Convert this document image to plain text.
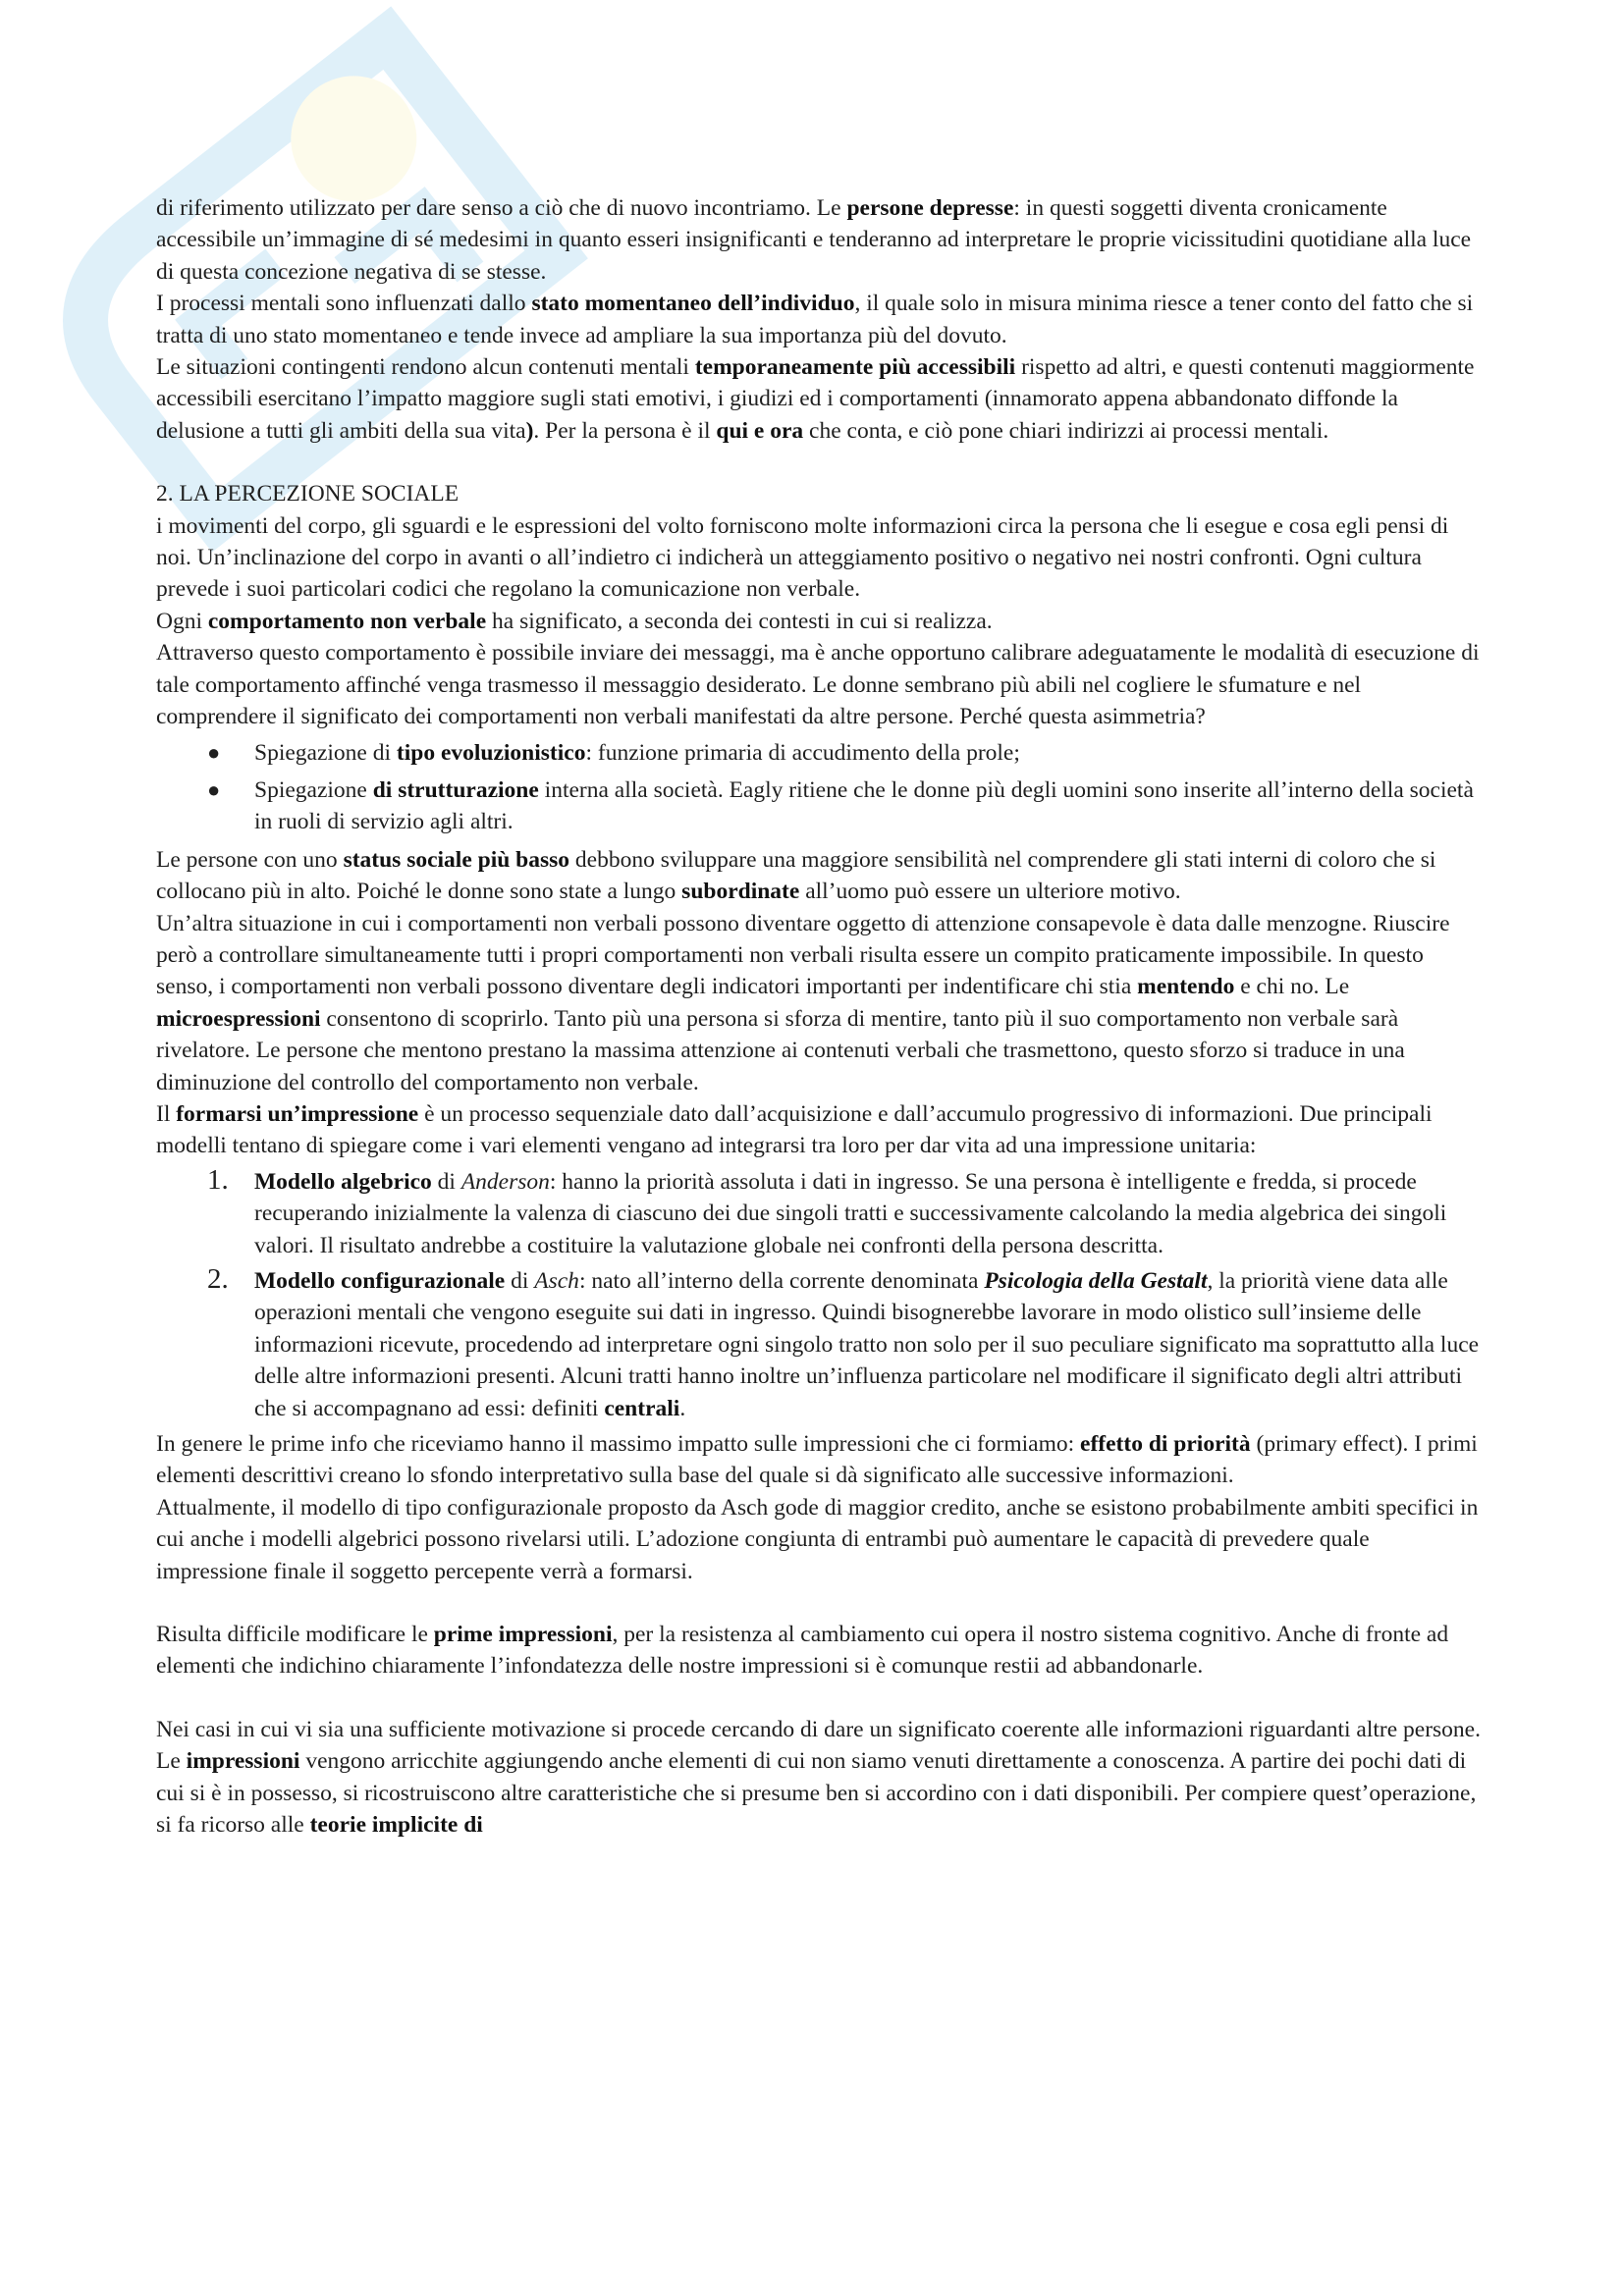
di riferimento utilizzato per dare senso a ciò che di nuovo incontriamo. Le persone depresse: in questi soggetti diventa cronicamente accessibile un’immagine di sé medesimi in quanto esseri insignificanti e tenderanno ad interpretare le proprie vicissitudini quotidiane alla luce di questa concezione negativa di se stesse.

I processi mentali sono influenzati dallo stato momentaneo dell’individuo, il quale solo in misura minima riesce a tener conto del fatto che si tratta di uno stato momentaneo e tende invece ad ampliare la sua importanza più del dovuto.

Le situazioni contingenti rendono alcun contenuti mentali temporaneamente più accessibili rispetto ad altri, e questi contenuti maggiormente accessibili esercitano l’impatto maggiore sugli stati emotivi, i giudizi ed i comportamenti (innamorato appena abbandonato diffonde la delusione a tutti gli ambiti della sua vita). Per la persona è il qui e ora che conta, e ciò pone chiari indirizzi ai processi mentali.

2. LA PERCEZIONE SOCIALE

i movimenti del corpo, gli sguardi e le espressioni del volto forniscono molte informazioni circa la persona che li esegue e cosa egli pensi di noi. Un’inclinazione del corpo in avanti o all’indietro ci indicherà un atteggiamento positivo o negativo nei nostri confronti. Ogni cultura prevede i suoi particolari codici che regolano la comunicazione non verbale.

Ogni comportamento non verbale ha significato, a seconda dei contesti in cui si realizza.

Attraverso questo comportamento è possibile inviare dei messaggi, ma è anche opportuno calibrare adeguatamente le modalità di esecuzione di tale comportamento affinché venga trasmesso il messaggio desiderato. Le donne sembrano più abili nel cogliere le sfumature e nel comprendere il significato dei comportamenti non verbali manifestati da altre persone. Perché questa asimmetria?

● Spiegazione di tipo evoluzionistico: funzione primaria di accudimento della prole;
● Spiegazione di strutturazione interna alla società. Eagly ritiene che le donne più degli uomini sono inserite all’interno della società in ruoli di servizio agli altri.

Le persone con uno status sociale più basso debbono sviluppare una maggiore sensibilità nel comprendere gli stati interni di coloro che si collocano più in alto. Poiché le donne sono state a lungo subordinate all’uomo può essere un ulteriore motivo.

Un’altra situazione in cui i comportamenti non verbali possono diventare oggetto di attenzione consapevole è data dalle menzogne. Riuscire però a controllare simultaneamente tutti i propri comportamenti non verbali risulta essere un compito praticamente impossibile. In questo senso, i comportamenti non verbali possono diventare degli indicatori importanti per indentificare chi stia mentendo e chi no. Le microespressioni consentono di scoprirlo. Tanto più una persona si sforza di mentire, tanto più il suo comportamento non verbale sarà rivelatore. Le persone che mentono prestano la massima attenzione ai contenuti verbali che trasmettono, questo sforzo si traduce in una diminuzione del controllo del comportamento non verbale.

Il formarsi un’impressione è un processo sequenziale dato dall’acquisizione e dall’accumulo progressivo di informazioni. Due principali modelli tentano di spiegare come i vari elementi vengano ad integrarsi tra loro per dar vita ad una impressione unitaria:

1. Modello algebrico di Anderson: hanno la priorità assoluta i dati in ingresso. Se una persona è intelligente e fredda, si procede recuperando inizialmente la valenza di ciascuno dei due singoli tratti e successivamente calcolando la media algebrica dei singoli valori. Il risultato andrebbe a costituire la valutazione globale nei confronti della persona descritta.
2. Modello configurazionale di Asch: nato all’interno della corrente denominata Psicologia della Gestalt, la priorità viene data alle operazioni mentali che vengono eseguite sui dati in ingresso. Quindi bisognerebbe lavorare in modo olistico sull’insieme delle informazioni ricevute, procedendo ad interpretare ogni singolo tratto non solo per il suo peculiare significato ma soprattutto alla luce delle altre informazioni presenti. Alcuni tratti hanno inoltre un’influenza particolare nel modificare il significato degli altri attributi che si accompagnano ad essi: definiti centrali.

In genere le prime info che riceviamo hanno il massimo impatto sulle impressioni che ci formiamo: effetto di priorità (primary effect). I primi elementi descrittivi creano lo sfondo interpretativo sulla base del quale si dà significato alle successive informazioni.

Attualmente, il modello di tipo configurazionale proposto da Asch gode di maggior credito, anche se esistono probabilmente ambiti specifici in cui anche i modelli algebrici possono rivelarsi utili. L’adozione congiunta di entrambi può aumentare le capacità di prevedere quale impressione finale il soggetto percepente verrà a formarsi.

Risulta difficile modificare le prime impressioni, per la resistenza al cambiamento cui opera il nostro sistema cognitivo. Anche di fronte ad elementi che indichino chiaramente l’infondatezza delle nostre impressioni si è comunque restii ad abbandonarle.

Nei casi in cui vi sia una sufficiente motivazione si procede cercando di dare un significato coerente alle informazioni riguardanti altre persone. Le impressioni vengono arricchite aggiungendo anche elementi di cui non siamo venuti direttamente a conoscenza. A partire dei pochi dati di cui si è in possesso, si ricostruiscono altre caratteristiche che si presume ben si accordino con i dati disponibili. Per compiere quest’operazione, si fa ricorso alle teorie implicite di
